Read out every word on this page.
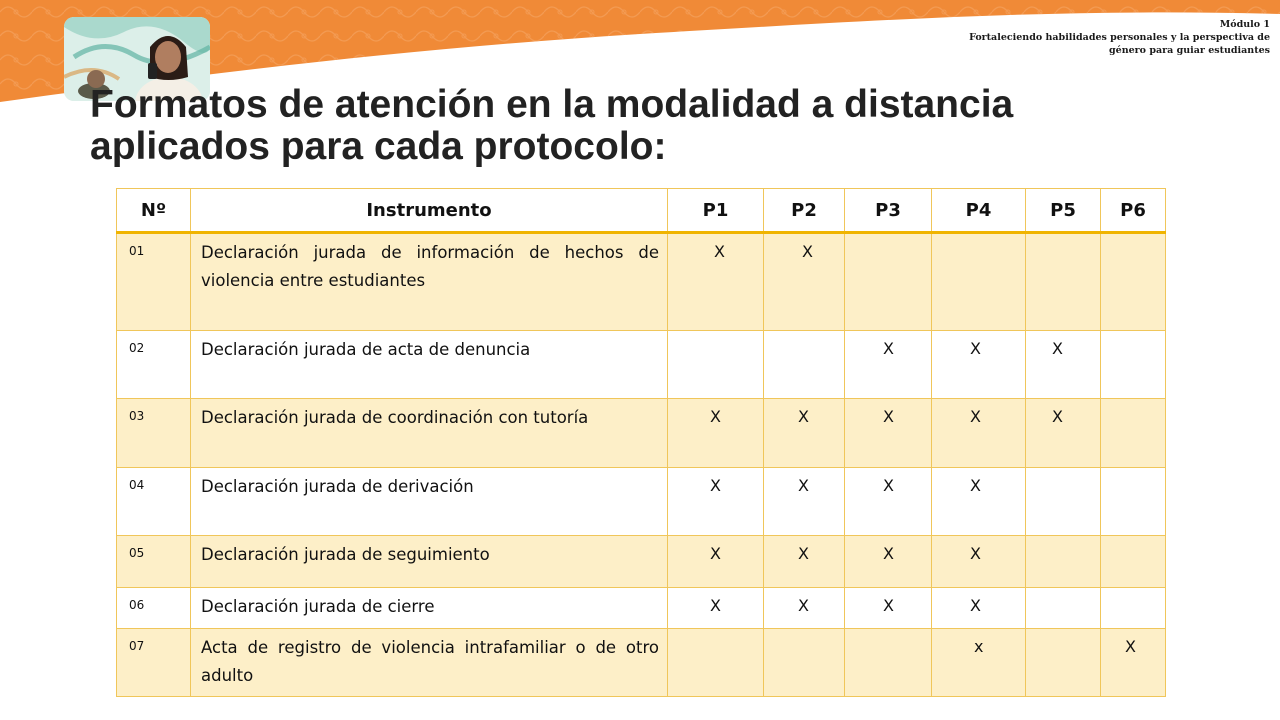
Módulo 1
Fortaleciendo habilidades personales y la perspectiva de
género para guiar estudiantes
Formatos de atención en la modalidad a distancia
aplicados para cada protocolo:
Nº	Instrumento	P1	P2	P3	P4	P5	P6
01	Declaración jurada de información de hechos de violencia entre estudiantes	X	X				
02	Declaración jurada de acta de denuncia			X	X	X	
03	Declaración jurada de coordinación con tutoría	X	X	X	X	X	
04	Declaración jurada de derivación	X	X	X	X		
05	Declaración jurada de seguimiento	X	X	X	X		
06	Declaración jurada de cierre	X	X	X	X		
07	Acta de registro de violencia intrafamiliar o de otro adulto				x		X
